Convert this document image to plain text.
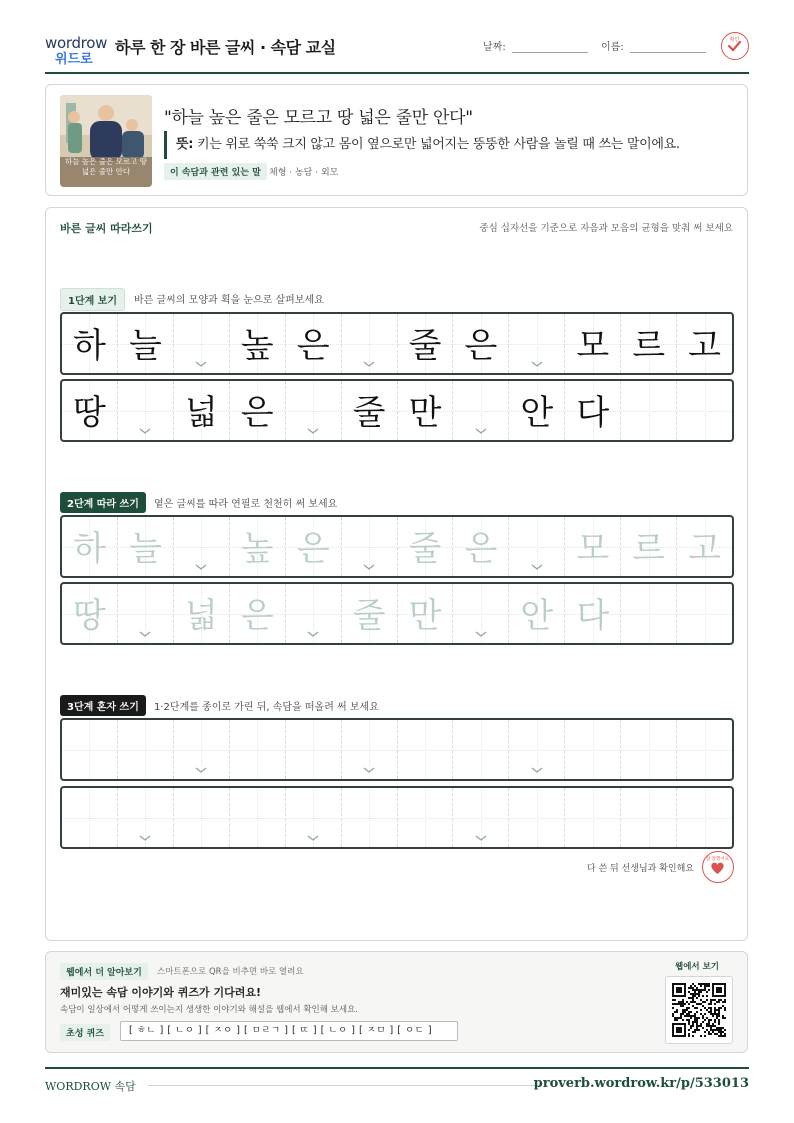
wordrow
위드로
하루 한 장 바른 글씨 · 속담 교실	날짜:	이름:
확인
하늘 높은 줄은 모르고 땅 넓은 줄만 안다
"하늘 높은 줄은 모르고 땅 넓은 줄만 안다"
뜻: 키는 위로 쑥쑥 크지 않고 몸이 옆으로만 넓어지는 뚱뚱한 사람을 놀릴 때 쓰는 말이에요.
이 속담과 관련 있는 말 체형 · 농담 · 외모
바른 글씨 따라쓰기	중심 십자선을 기준으로 자음과 모음의 균형을 맞춰 써 보세요
1단계 보기	바른 글씨의 모양과 획을 눈으로 살펴보세요
하 늘	높 은	줄 은	모 르 고
땅	넓 은	줄 만	안 다
2단계 따라 쓰기	옅은 글씨를 따라 연필로 천천히 써 보세요
하 늘	높 은	줄 은	모 르 고
땅	넓 은	줄 만	안 다
3단계 혼자 쓰기	1·2단계를 종이로 가린 뒤, 속담을 떠올려 써 보세요
다 쓴 뒤 선생님과 확인해요
참 잘했어요
웹에서 더 알아보기	스마트폰으로 QR을 비추면 바로 열려요
재미있는 속담 이야기와 퀴즈가 기다려요!
속담이 일상에서 어떻게 쓰이는지 생생한 이야기와 해설을 웹에서 확인해 보세요.
초성 퀴즈	[ ㅎㄴ ] [ ㄴㅇ ] [ ㅈㅇ ] [ ㅁㄹㄱ ] [ ㄸ ] [ ㄴㅇ ] [ ㅈㅁ ] [ ㅇㄷ ]
웹에서 보기
WORDROW 속담	proverb.wordrow.kr/p/533013
